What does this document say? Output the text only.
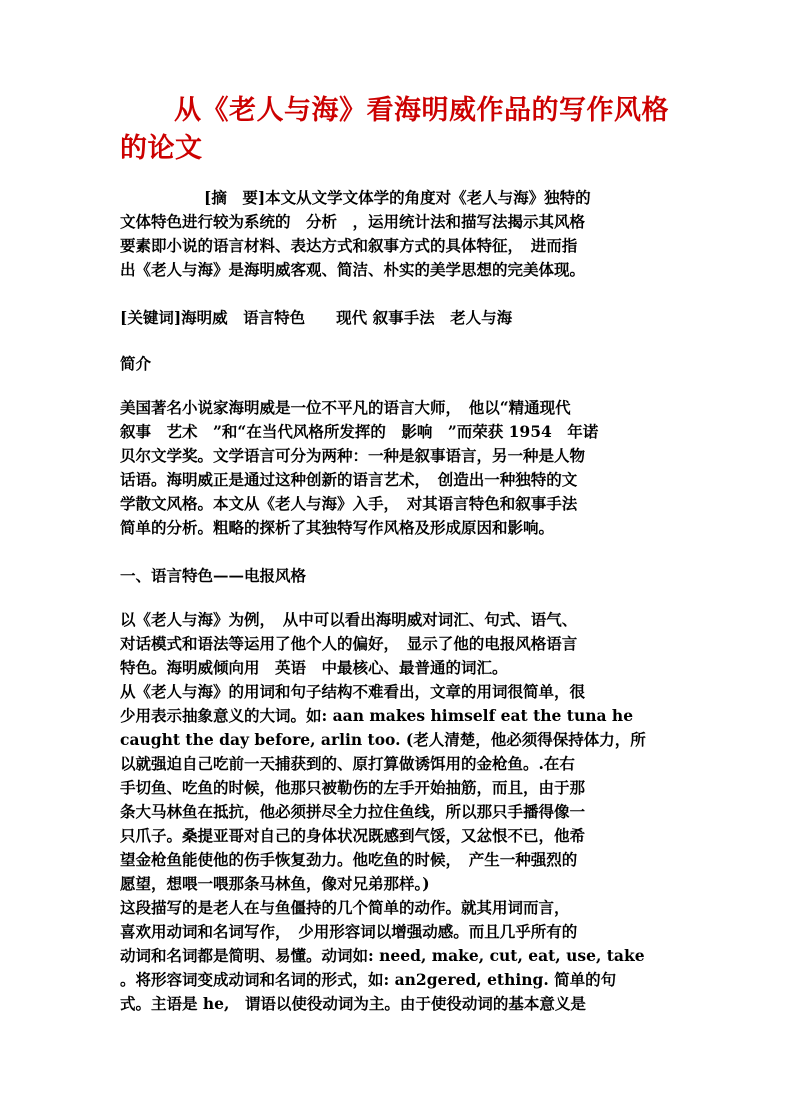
从《老人与海》看海明威作品的写作风格
的论文
[摘　要]本文从文学文体学的角度对《老人与海》独特的
文体特色进行较为系统的　分析　，运用统计法和描写法揭示其风格
要素即小说的语言材料、表达方式和叙事方式的具体特征，　进而指
出《老人与海》是海明威客观、简洁、朴实的美学思想的完美体现。
[关键词]海明威　语言特色　　现代 叙事手法　老人与海
简介
美国著名小说家海明威是一位不平凡的语言大师，　他以“精通现代
叙事　艺术　”和“在当代风格所发挥的　影响　”而荣获 1954　年诺
贝尔文学奖。文学语言可分为两种：一种是叙事语言，另一种是人物
话语。海明威正是通过这种创新的语言艺术，　创造出一种独特的文
学散文风格。本文从《老人与海》入手，　对其语言特色和叙事手法
简单的分析。粗略的探析了其独特写作风格及形成原因和影响。
一、语言特色——电报风格
以《老人与海》为例，　从中可以看出海明威对词汇、句式、语气、
对话模式和语法等运用了他个人的偏好，　显示了他的电报风格语言
特色。海明威倾向用　英语　中最核心、最普通的词汇。
从《老人与海》的用词和句子结构不难看出，文章的用词很简单，很
少用表示抽象意义的大词。如: aan makes himself eat the tuna he
caught the day before, arlin too. (老人清楚，他必须得保持体力，所
以就强迫自己吃前一天捕获到的、原打算做诱饵用的金枪鱼。.在右
手切鱼、吃鱼的时候，他那只被勒伤的左手开始抽筋，而且，由于那
条大马林鱼在抵抗，他必须拼尽全力拉住鱼线，所以那只手播得像一
只爪子。桑提亚哥对自己的身体状况既感到气馁，又忿恨不已，他希
望金枪鱼能使他的伤手恢复劲力。他吃鱼的时候，　产生一种强烈的
愿望，想喂一喂那条马林鱼，像对兄弟那样。)
这段描写的是老人在与鱼僵持的几个简单的动作。就其用词而言，
喜欢用动词和名词写作，　少用形容词以增强动感。而且几乎所有的
动词和名词都是简明、易懂。动词如: need, make, cut, eat, use, take
。将形容词变成动词和名词的形式，如: an2gered, ething. 简单的句
式。主语是 he,　谓语以使役动词为主。由于使役动词的基本意义是
